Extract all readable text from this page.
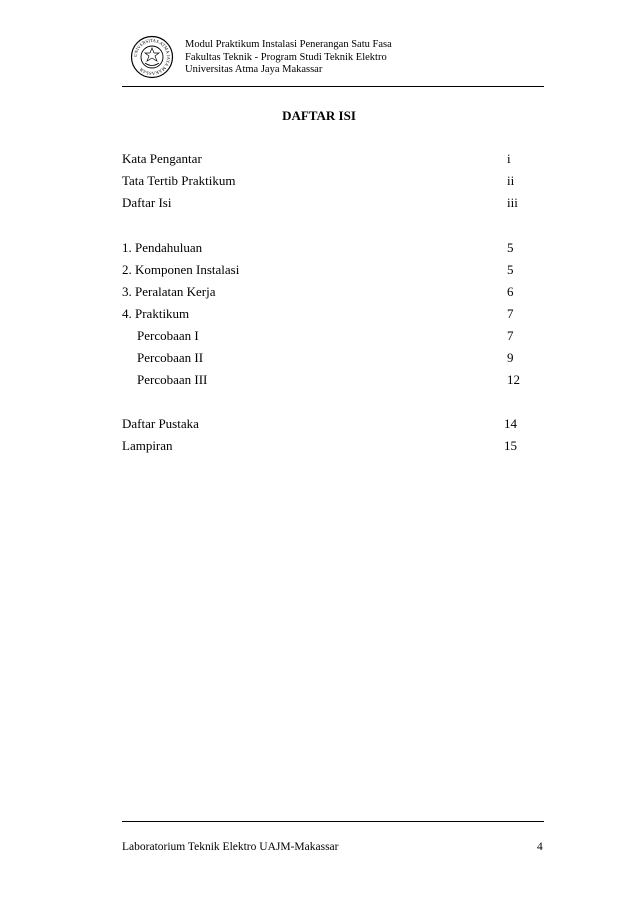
UNIVERSITAS ATMA JAYA MAKASSAR
Modul Praktikum Instalasi Penerangan Satu Fasa
Fakultas Teknik - Program Studi Teknik Elektro
Universitas Atma Jaya Makassar
DAFTAR ISI
Kata Pengantar	i
Tata Tertib Praktikum	ii
Daftar Isi	iii
1. Pendahuluan	5
2. Komponen Instalasi	5
3. Peralatan Kerja	6
4. Praktikum	7
Percobaan I	7
Percobaan II	9
Percobaan III	12
Daftar Pustaka	14
Lampiran	15
Laboratorium Teknik Elektro UAJM-Makassar	4
